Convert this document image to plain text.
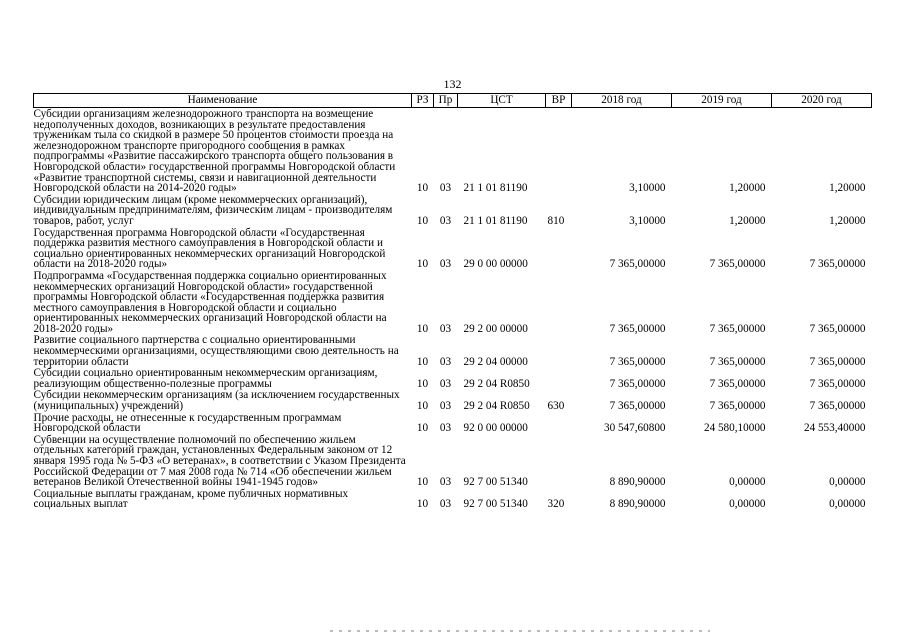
132
Наименование	РЗ	Пр	ЦСТ	ВР	2018 год	2019 год	2020 год
Субсидии организациям железнодорожного транспорта на возмещение недополученных доходов, возникающих в результате предоставления труженикам тыла со скидкой в размере 50 процентов стоимости проезда на железнодорожном транспорте пригородного сообщения в рамках подпрограммы «Развитие пассажирского транспорта общего пользования в Новгородской области» государственной программы Новгородской области «Развитие транспортной системы, связи и навигационной деятельности Новгородской области на 2014-2020 годы»	10	03	21 1 01 81190		3,10000	1,20000	1,20000
Субсидии юридическим лицам (кроме некоммерческих организаций), индивидуальным предпринимателям, физическим лицам - производителям товаров, работ, услуг	10	03	21 1 01 81190	810	3,10000	1,20000	1,20000
Государственная программа Новгородской области «Государственная поддержка развития местного самоуправления в Новгородской области и социально ориентированных некоммерческих организаций Новгородской области на 2018-2020 годы»	10	03	29 0 00 00000		7 365,00000	7 365,00000	7 365,00000
Подпрограмма «Государственная поддержка социально ориентированных некоммерческих организаций Новгородской области» государственной программы Новгородской области «Государственная поддержка развития местного самоуправления в Новгородской области и социально ориентированных некоммерческих организаций Новгородской области на 2018-2020 годы»	10	03	29 2 00 00000		7 365,00000	7 365,00000	7 365,00000
Развитие социального партнерства с социально ориентированными некоммерческими организациями, осуществляющими свою деятельность на территории области	10	03	29 2 04 00000		7 365,00000	7 365,00000	7 365,00000
Субсидии социально ориентированным некоммерческим организациям, реализующим общественно-полезные программы	10	03	29 2 04 R0850		7 365,00000	7 365,00000	7 365,00000
Субсидии некоммерческим организациям (за исключением государственных (муниципальных) учреждений)	10	03	29 2 04 R0850	630	7 365,00000	7 365,00000	7 365,00000
Прочие расходы, не отнесенные к государственным программам Новгородской области	10	03	92 0 00 00000		30 547,60800	24 580,10000	24 553,40000
Субвенции на осуществление полномочий по обеспечению жильем отдельных категорий граждан, установленных Федеральным законом от 12 января 1995 года № 5-ФЗ «О ветеранах», в соответствии с Указом Президента Российской Федерации от 7 мая 2008 года № 714 «Об обеспечении жильем ветеранов Великой Отечественной войны 1941-1945 годов»	10	03	92 7 00 51340		8 890,90000	0,00000	0,00000
Социальные выплаты гражданам, кроме публичных нормативных социальных выплат	10	03	92 7 00 51340	320	8 890,90000	0,00000	0,00000
